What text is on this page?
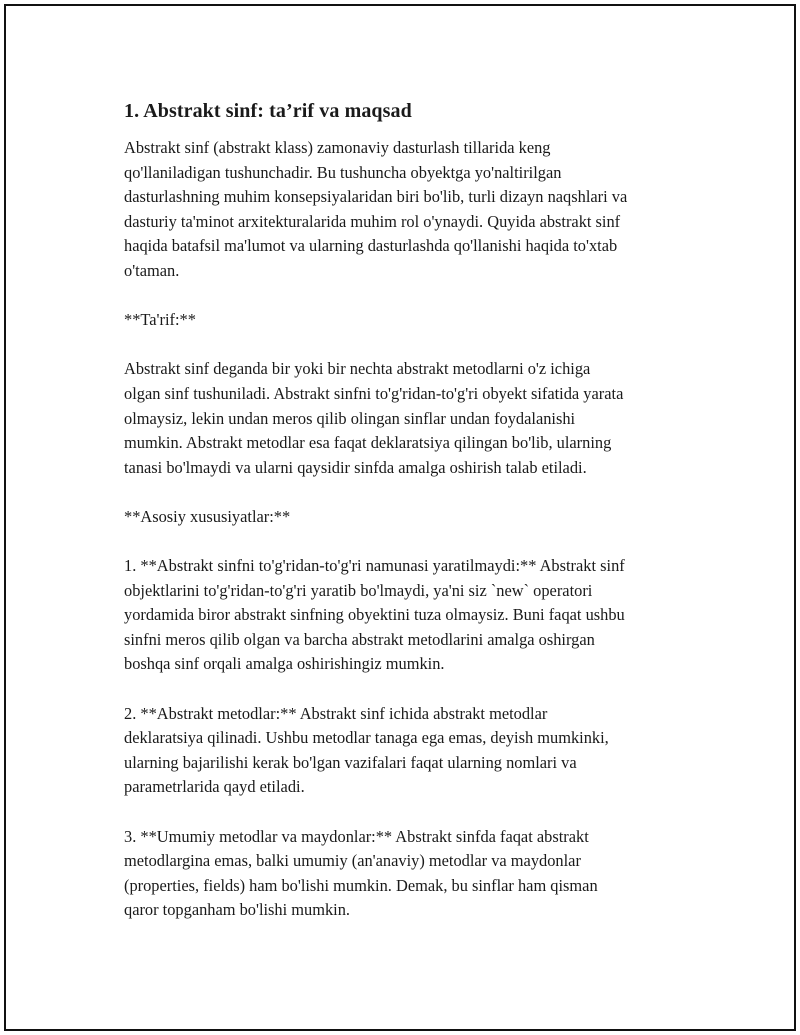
1. Abstrakt sinf: ta’rif va maqsad

Abstrakt sinf (abstrakt klass) zamonaviy dasturlash tillarida keng
qo'llaniladigan tushunchadir. Bu tushuncha obyektga yo'naltirilgan
dasturlashning muhim konsepsiyalaridan biri bo'lib, turli dizayn naqshlari va
dasturiy ta'minot arxitekturalarida muhim rol o'ynaydi. Quyida abstrakt sinf
haqida batafsil ma'lumot va ularning dasturlashda qo'llanishi haqida to'xtab
o'taman.

**Ta'rif:**

Abstrakt sinf deganda bir yoki bir nechta abstrakt metodlarni o'z ichiga
olgan sinf tushuniladi. Abstrakt sinfni to'g'ridan-to'g'ri obyekt sifatida yarata
olmaysiz, lekin undan meros qilib olingan sinflar undan foydalanishi
mumkin. Abstrakt metodlar esa faqat deklaratsiya qilingan bo'lib, ularning
tanasi bo'lmaydi va ularni qaysidir sinfda amalga oshirish talab etiladi.

**Asosiy xususiyatlar:**

1. **Abstrakt sinfni to'g'ridan-to'g'ri namunasi yaratilmaydi:** Abstrakt sinf
objektlarini to'g'ridan-to'g'ri yaratib bo'lmaydi, ya'ni siz `new` operatori
yordamida biror abstrakt sinfning obyektini tuza olmaysiz. Buni faqat ushbu
sinfni meros qilib olgan va barcha abstrakt metodlarini amalga oshirgan
boshqa sinf orqali amalga oshirishingiz mumkin.

2. **Abstrakt metodlar:** Abstrakt sinf ichida abstrakt metodlar
deklaratsiya qilinadi. Ushbu metodlar tanaga ega emas, deyish mumkinki,
ularning bajarilishi kerak bo'lgan vazifalari faqat ularning nomlari va
parametrlarida qayd etiladi.

3. **Umumiy metodlar va maydonlar:** Abstrakt sinfda faqat abstrakt
metodlargina emas, balki umumiy (an'anaviy) metodlar va maydonlar
(properties, fields) ham bo'lishi mumkin. Demak, bu sinflar ham qisman
qaror topganham bo'lishi mumkin.
